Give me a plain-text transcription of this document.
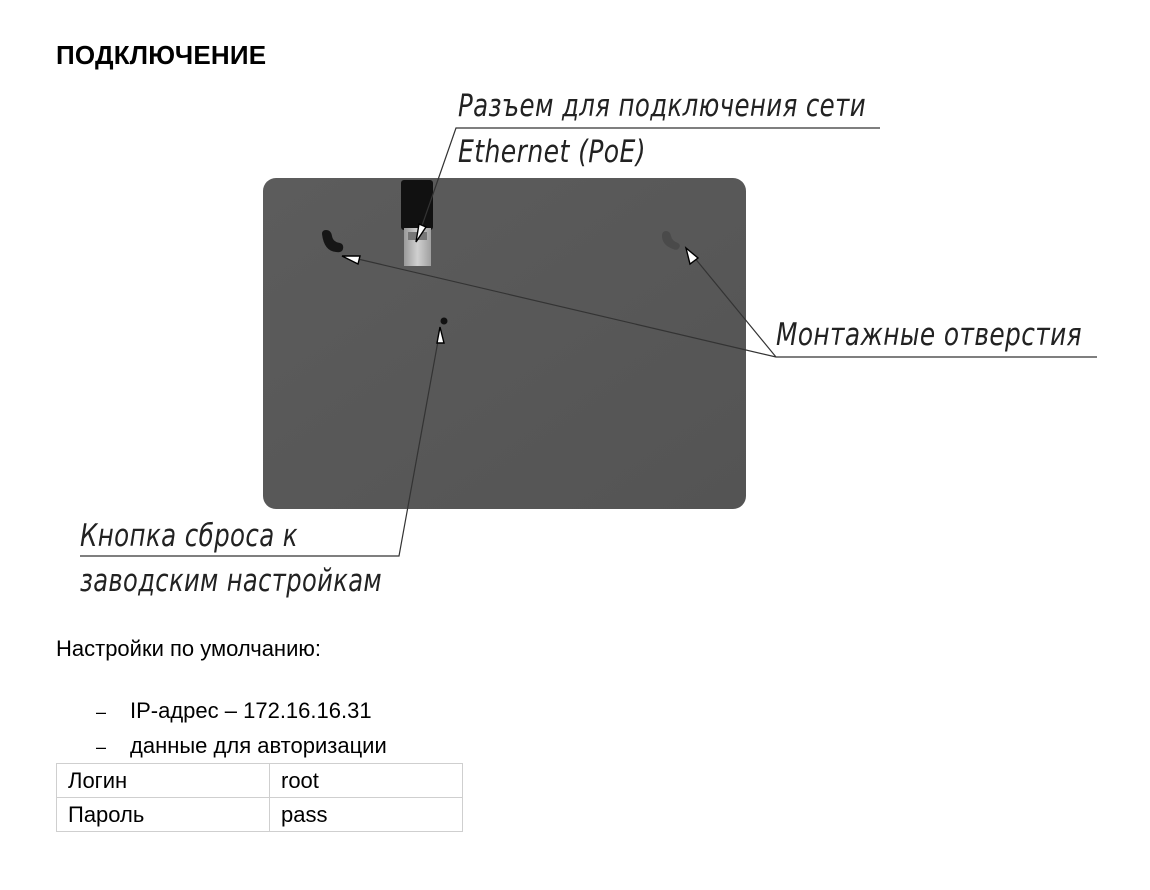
ПОДКЛЮЧЕНИЕ
Разъем для подключения сети
Ethernet (PoE)
Монтажные отверстия
Кнопка сброса к
заводским настройкам
Настройки по умолчанию:
– IP-адрес – 172.16.16.31
– данные для авторизации
Логин	root
Пароль	pass
